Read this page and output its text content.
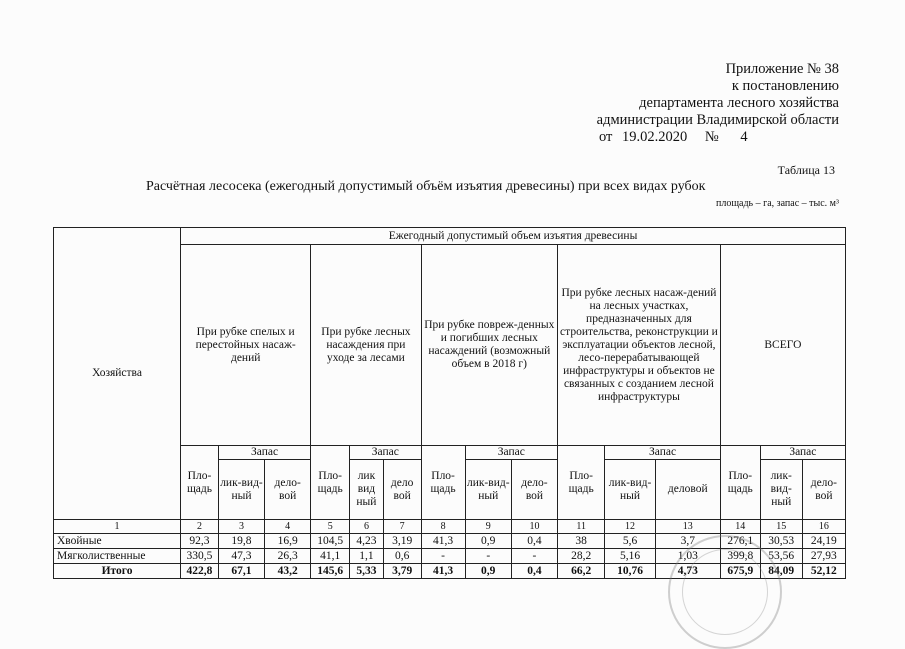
Приложение № 38
к постановлению
департамента лесного хозяйства
администрации Владимирской области
от 19.02.2020 № 4
Таблица 13
Расчётная лесосека (ежегодный допустимый объём изъятия древесины) при всех видах рубок
площадь – га, запас – тыс. м³
Хозяйства	Ежегодный допустимый объем изъятия древесины														
	При рубке спелых и перестойных насаж-дений			При рубке лесных насаждения при уходе за лесами			При рубке повреж-денных и погибших лесных насаждений (возможный объем в 2018 г)			При рубке лесных насаж-дений на лесных участках, предназначенных для строительства, реконструкции и эксплуатации объектов лесной, лесо-перерабатывающей инфраструктуры и объектов не связанных с созданием лесной инфраструктуры			ВСЕГО		
	Пло-щадь	Запас		Пло-щадь	Запас		Пло-щадь	Запас		Пло-щадь	Запас		Пло-щадь	Запас	
		лик-вид-ный	дело-вой		лик вид ный	дело вой		лик-вид-ный	дело-вой		лик-вид-ный	деловой		лик-вид-ный	дело-вой
1	2	3	4	5	6	7	8	9	10	11	12	13	14	15	16
Хвойные	92,3	19,8	16,9	104,5	4,23	3,19	41,3	0,9	0,4	38	5,6	3,7	276,1	30,53	24,19
Мягколиственные	330,5	47,3	26,3	41,1	1,1	0,6	-	-	-	28,2	5,16	1,03	399,8	53,56	27,93
Итого	422,8	67,1	43,2	145,6	5,33	3,79	41,3	0,9	0,4	66,2	10,76	4,73	675,9	84,09	52,12
